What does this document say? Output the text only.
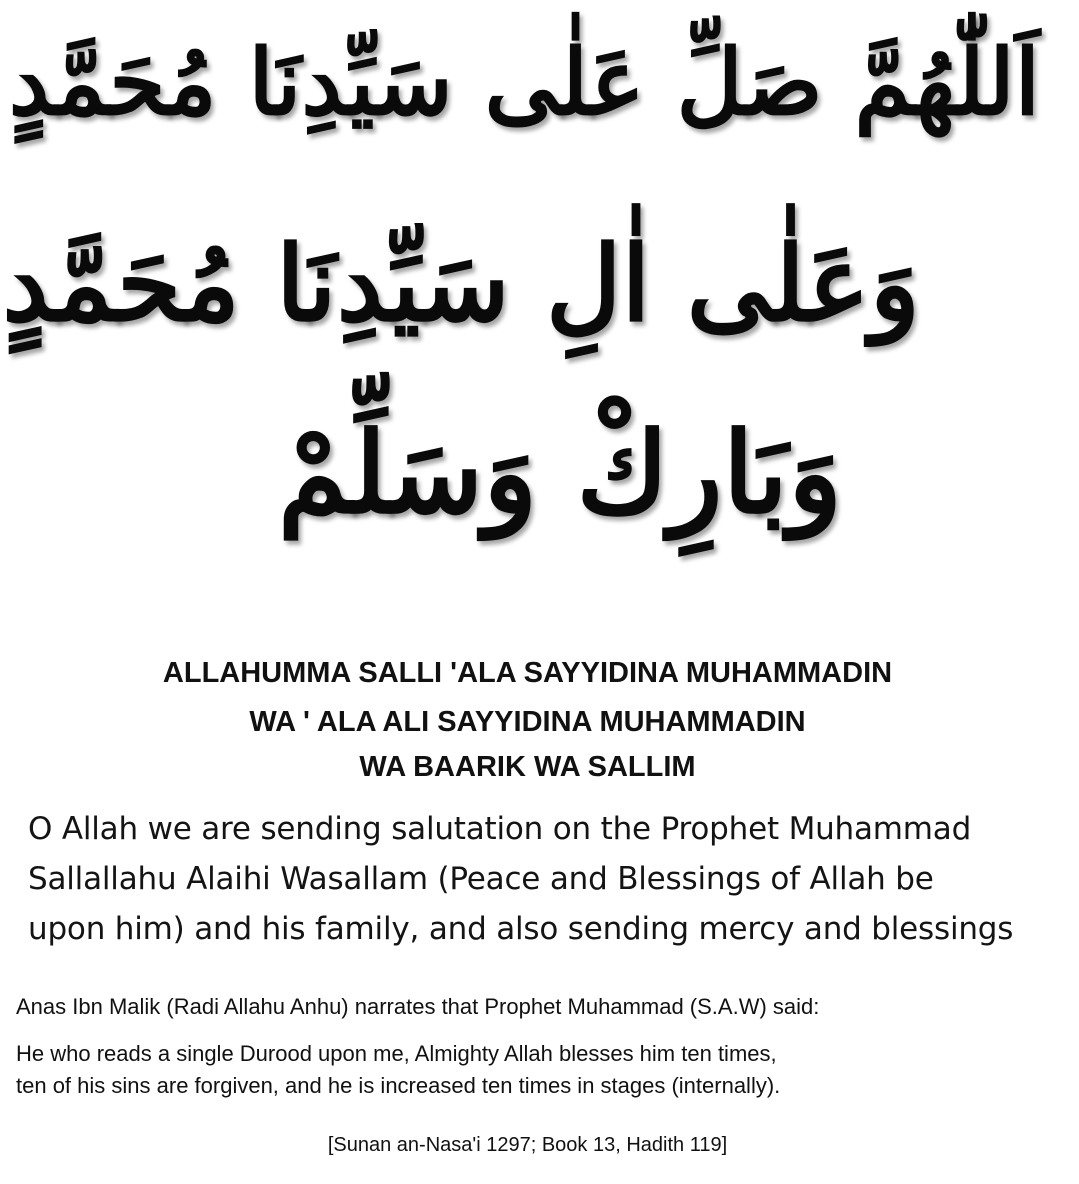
اَللّٰھُمَّ صَلِّ عَلٰی سَیِّدِنَا مُحَمَّدٍ
وَعَلٰی اٰلِ سَیِّدِنَا مُحَمَّدٍ
وَبَارِكْ وَسَلِّمْ
ALLAHUMMA SALLI 'ALA SAYYIDINA MUHAMMADIN
WA ' ALA ALI SAYYIDINA MUHAMMADIN
WA BAARIK WA SALLIM
O Allah we are sending salutation on the Prophet Muhammad
Sallallahu Alaihi Wasallam (Peace and Blessings of Allah be
upon him) and his family, and also sending mercy and blessings
Anas Ibn Malik (Radi Allahu Anhu) narrates that Prophet Muhammad (S.A.W) said:
He who reads a single Durood upon me, Almighty Allah blesses him ten times,
ten of his sins are forgiven, and he is increased ten times in stages (internally).
[Sunan an-Nasa'i 1297; Book 13, Hadith 119]
